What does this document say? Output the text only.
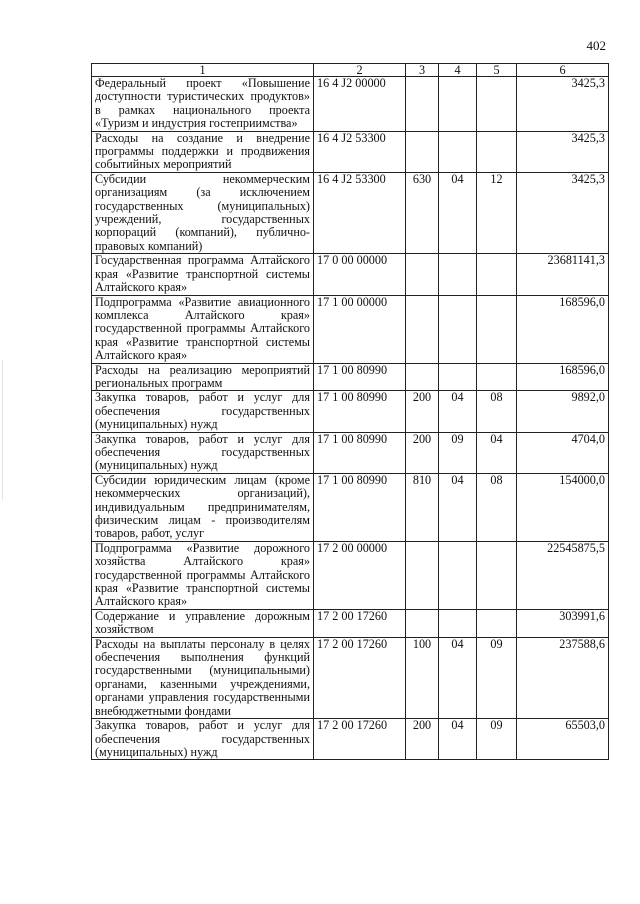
402
1	2	3	4	5	6
Федеральный проект «Повышение доступности туристических продуктов» в рамках национального проекта «Туризм и индустрия гостеприимства»	16 4 J2 00000				3425,3
Расходы на создание и внедрение программы поддержки и продвижения событийных мероприятий	16 4 J2 53300				3425,3
Субсидии некоммерческим организациям (за исключением государственных (муниципальных) учреждений, государственных корпораций (компаний), публично-правовых компаний)	16 4 J2 53300	630	04	12	3425,3
Государственная программа Алтайского края «Развитие транспортной системы Алтайского края»	17 0 00 00000				23681141,3
Подпрограмма «Развитие авиационного комплекса Алтайского края» государственной программы Алтайского края «Развитие транспортной системы Алтайского края»	17 1 00 00000				168596,0
Расходы на реализацию мероприятий региональных программ	17 1 00 80990				168596,0
Закупка товаров, работ и услуг для обеспечения государственных (муниципальных) нужд	17 1 00 80990	200	04	08	9892,0
Закупка товаров, работ и услуг для обеспечения государственных (муниципальных) нужд	17 1 00 80990	200	09	04	4704,0
Субсидии юридическим лицам (кроме некоммерческих организаций), индивидуальным предпринимателям, физическим лицам - производителям товаров, работ, услуг	17 1 00 80990	810	04	08	154000,0
Подпрограмма «Развитие дорожного хозяйства Алтайского края» государственной программы Алтайского края «Развитие транспортной системы Алтайского края»	17 2 00 00000				22545875,5
Содержание и управление дорожным хозяйством	17 2 00 17260				303991,6
Расходы на выплаты персоналу в целях обеспечения выполнения функций государственными (муниципальными) органами, казенными учреждениями, органами управления государственными внебюджетными фондами	17 2 00 17260	100	04	09	237588,6
Закупка товаров, работ и услуг для обеспечения государственных (муниципальных) нужд	17 2 00 17260	200	04	09	65503,0
